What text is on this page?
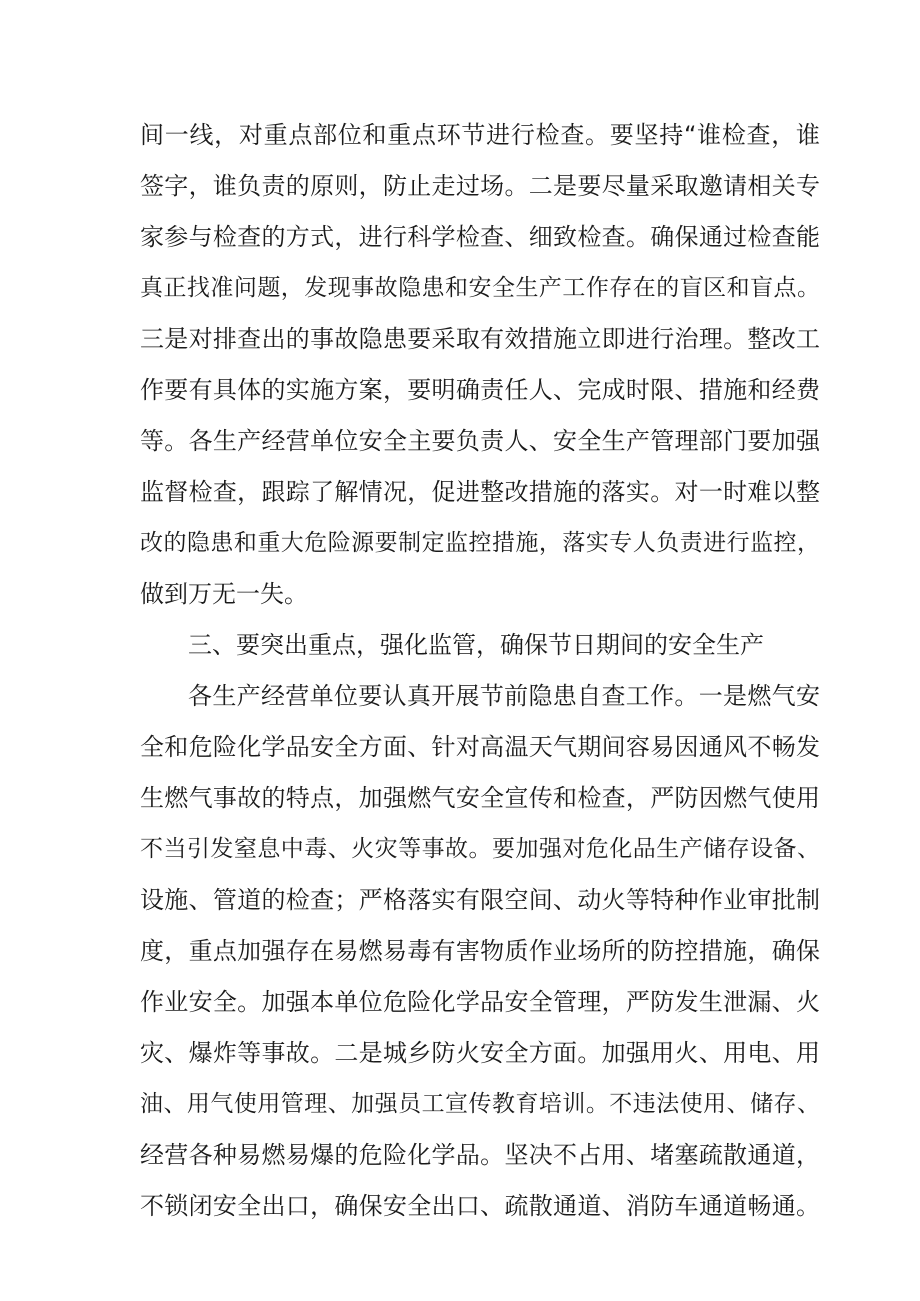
间一线，对重点部位和重点环节进行检查。要坚持“谁检查，谁
签字，谁负责的原则，防止走过场。二是要尽量采取邀请相关专
家参与检查的方式，进行科学检查、细致检查。确保通过检查能
真正找准问题，发现事故隐患和安全生产工作存在的盲区和盲点。
三是对排查出的事故隐患要采取有效措施立即进行治理。整改工
作要有具体的实施方案，要明确责任人、完成时限、措施和经费
等。各生产经营单位安全主要负责人、安全生产管理部门要加强
监督检查，跟踪了解情况，促进整改措施的落实。对一时难以整
改的隐患和重大危险源要制定监控措施，落实专人负责进行监控，
做到万无一失。
三、要突出重点，强化监管，确保节日期间的安全生产
各生产经营单位要认真开展节前隐患自查工作。一是燃气安
全和危险化学品安全方面、针对高温天气期间容易因通风不畅发
生燃气事故的特点，加强燃气安全宣传和检查，严防因燃气使用
不当引发窒息中毒、火灾等事故。要加强对危化品生产储存设备、
设施、管道的检查；严格落实有限空间、动火等特种作业审批制
度，重点加强存在易燃易毒有害物质作业场所的防控措施，确保
作业安全。加强本单位危险化学品安全管理，严防发生泄漏、火
灾、爆炸等事故。二是城乡防火安全方面。加强用火、用电、用
油、用气使用管理、加强员工宣传教育培训。不违法使用、储存、
经营各种易燃易爆的危险化学品。坚决不占用、堵塞疏散通道，
不锁闭安全出口，确保安全出口、疏散通道、消防车通道畅通。
